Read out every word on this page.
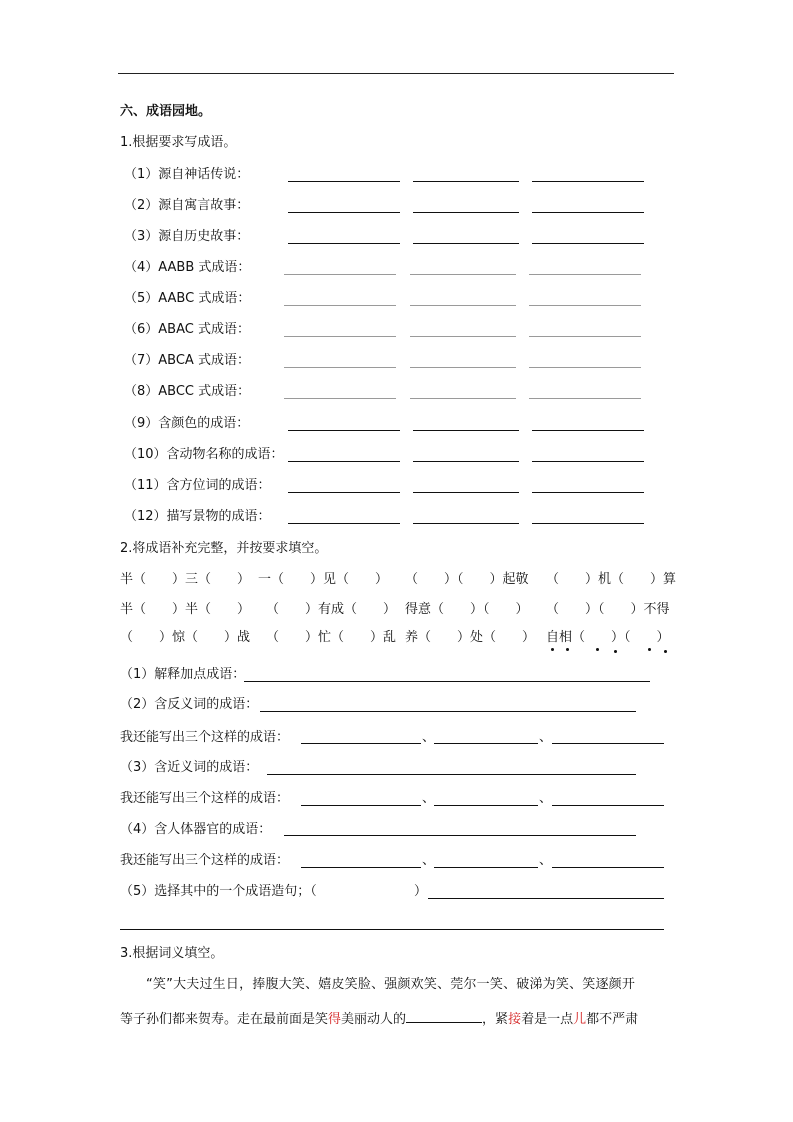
六、成语园地。
1.根据要求写成语。
（1）源自神话传说：
（2）源自寓言故事：
（3）源自历史故事：
（4）AABB 式成语：
（5）AABC 式成语：
（6）ABAC 式成语：
（7）ABCA 式成语：
（8）ABCC 式成语：
（9）含颜色的成语：
（10）含动物名称的成语：
（11）含方位词的成语：
（12）描写景物的成语：
2.将成语补充完整，并按要求填空。
半（　　）三（　　） 一（　　）见（　　） （　　）（　　）起敬 （　　）机（　　）算
半（　　）半（　　） （　　）有成（　　） 得意（　　）（　　） （　　）（　　）不得
（　　）惊（　　）战 （　　）忙（　　）乱 养（　　）处（　　） 自相（　　）（　　）
（1）解释加点成语：
（2）含反义词的成语：
我还能写出三个这样的成语：	、	、
（3）含近义词的成语：
我还能写出三个这样的成语：	、	、
（4）含人体器官的成语：
我还能写出三个这样的成语：	、	、
（5）选择其中的一个成语造句；（	）
3.根据词义填空。
“笑”大夫过生日，捧腹大笑、嬉皮笑脸、强颜欢笑、莞尔一笑、破涕为笑、笑逐颜开
等子孙们都来贺寿。走在最前面是笑得美丽动人的	，紧接着是一点儿都不严肃
